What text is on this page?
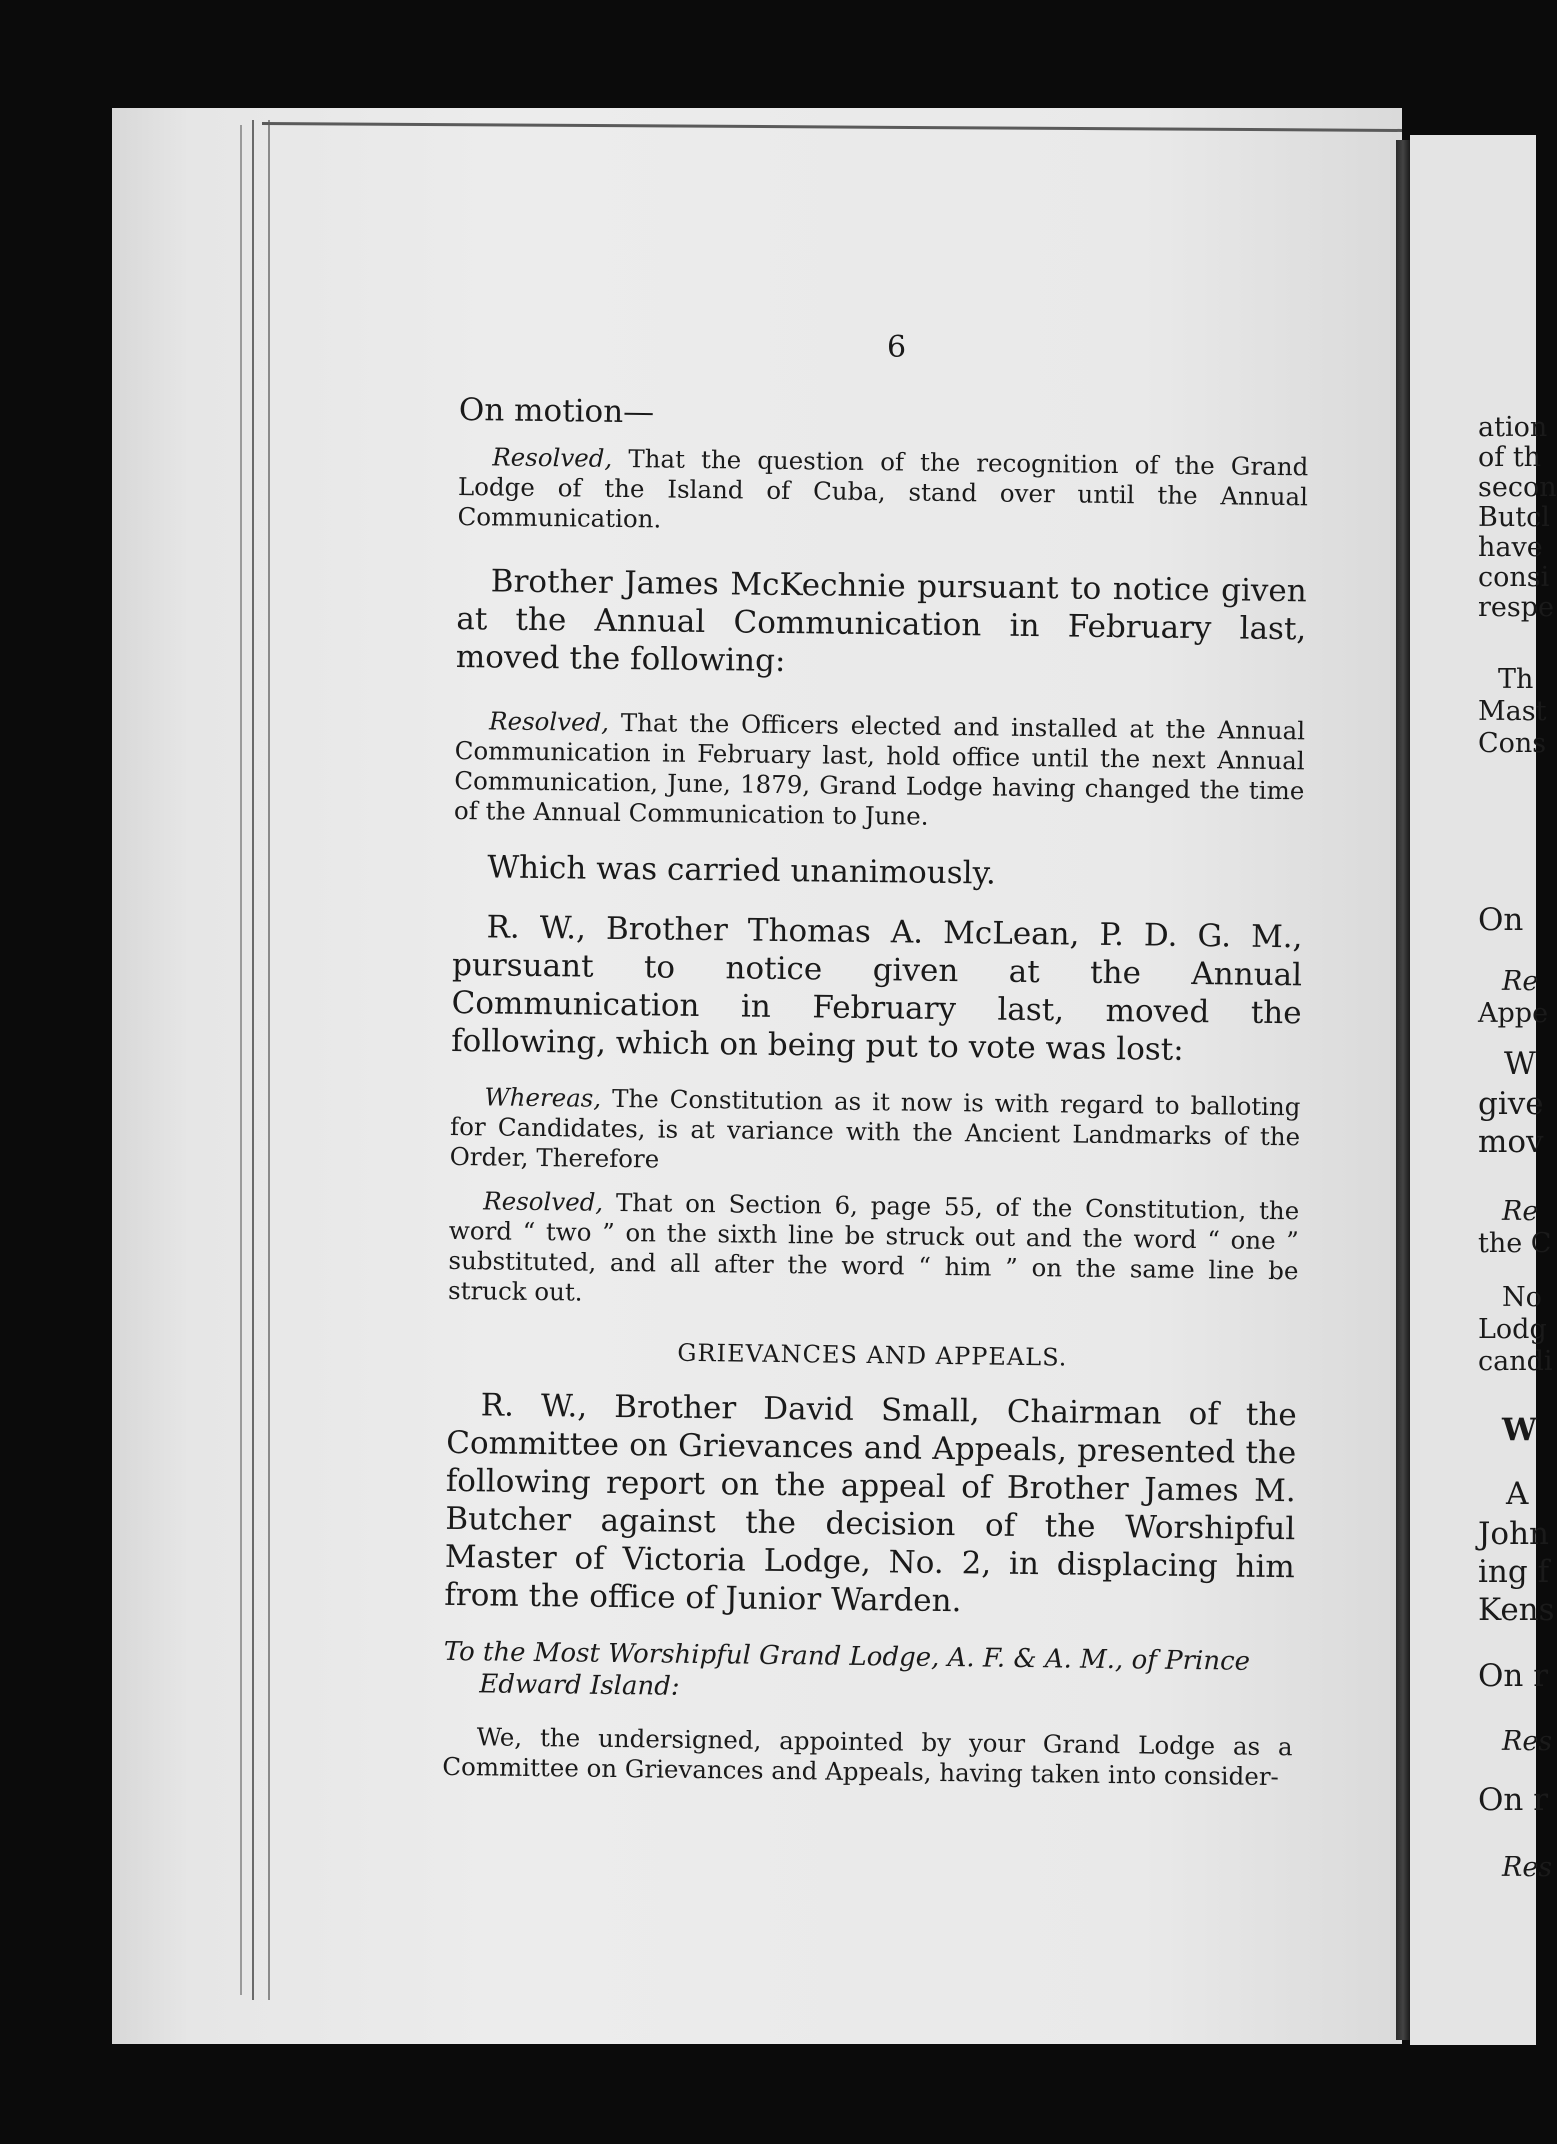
6

On motion—

Resolved, That the question of the recognition of the Grand Lodge of the Island of Cuba, stand over until the Annual Communication.

Brother James McKechnie pursuant to notice given at the Annual Communication in February last, moved the following:

Resolved, That the Officers elected and installed at the Annual Communication in February last, hold office until the next Annual Communication, June, 1879, Grand Lodge having changed the time of the Annual Communication to June.

Which was carried unanimously.

R. W., Brother Thomas A. McLean, P. D. G. M., pursuant to notice given at the Annual Communication in February last, moved the following, which on being put to vote was lost:

Whereas, The Constitution as it now is with regard to balloting for Candidates, is at variance with the Ancient Landmarks of the Order, Therefore

Resolved, That on Section 6, page 55, of the Constitution, the word “ two ” on the sixth line be struck out and the word “ one ” substituted, and all after the word “ him ” on the same line be struck out.

GRIEVANCES AND APPEALS.

R. W., Brother David Small, Chairman of the Committee on Grievances and Appeals, presented the following report on the appeal of Brother James M. Butcher against the decision of the Worshipful Master of Victoria Lodge, No. 2, in displacing him from the office of Junior Warden.

To the Most Worshipful Grand Lodge, A. F. & A. M., of Prince Edward Island:

We, the undersigned, appointed by your Grand Lodge as a Committee on Grievances and Appeals, having taken into consider-

ation
of th
secon
Butcl
have
consi
respe
Th
Mast
Cons
On
Re
Appe
W
give
mov
Re
the C
No
Lodg
candi
W
A
John
ing f
Kens
On r
Res
On r
Res
